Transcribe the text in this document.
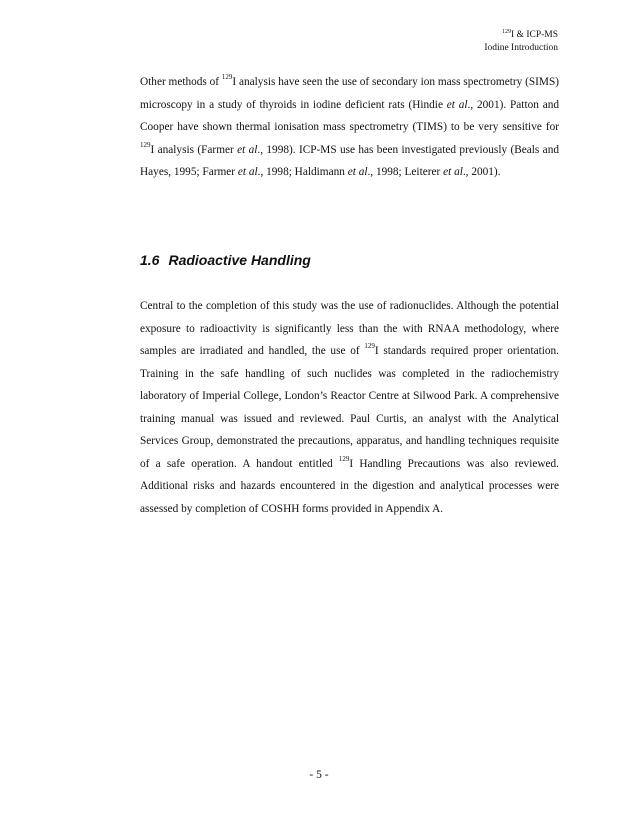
$^{129}$I & ICP-MS
Iodine Introduction

Other methods of $^{129}$I analysis have seen the use of secondary ion mass spectrometry (SIMS) microscopy in a study of thyroids in iodine deficient rats (Hindie et al., 2001). Patton and Cooper have shown thermal ionisation mass spectrometry (TIMS) to be very sensitive for $^{129}$I analysis (Farmer et al., 1998). ICP-MS use has been investigated previously (Beals and Hayes, 1995; Farmer et al., 1998; Haldimann et al., 1998; Leiterer et al., 2001).

1.6 Radioactive Handling

Central to the completion of this study was the use of radionuclides. Although the potential exposure to radioactivity is significantly less than the with RNAA methodology, where samples are irradiated and handled, the use of $^{129}$I standards required proper orientation. Training in the safe handling of such nuclides was completed in the radiochemistry laboratory of Imperial College, London’s Reactor Centre at Silwood Park. A comprehensive training manual was issued and reviewed. Paul Curtis, an analyst with the Analytical Services Group, demonstrated the precautions, apparatus, and handling techniques requisite of a safe operation. A handout entitled $^{129}$I Handling Precautions was also reviewed. Additional risks and hazards encountered in the digestion and analytical processes were assessed by completion of COSHH forms provided in Appendix A.

- 5 -
